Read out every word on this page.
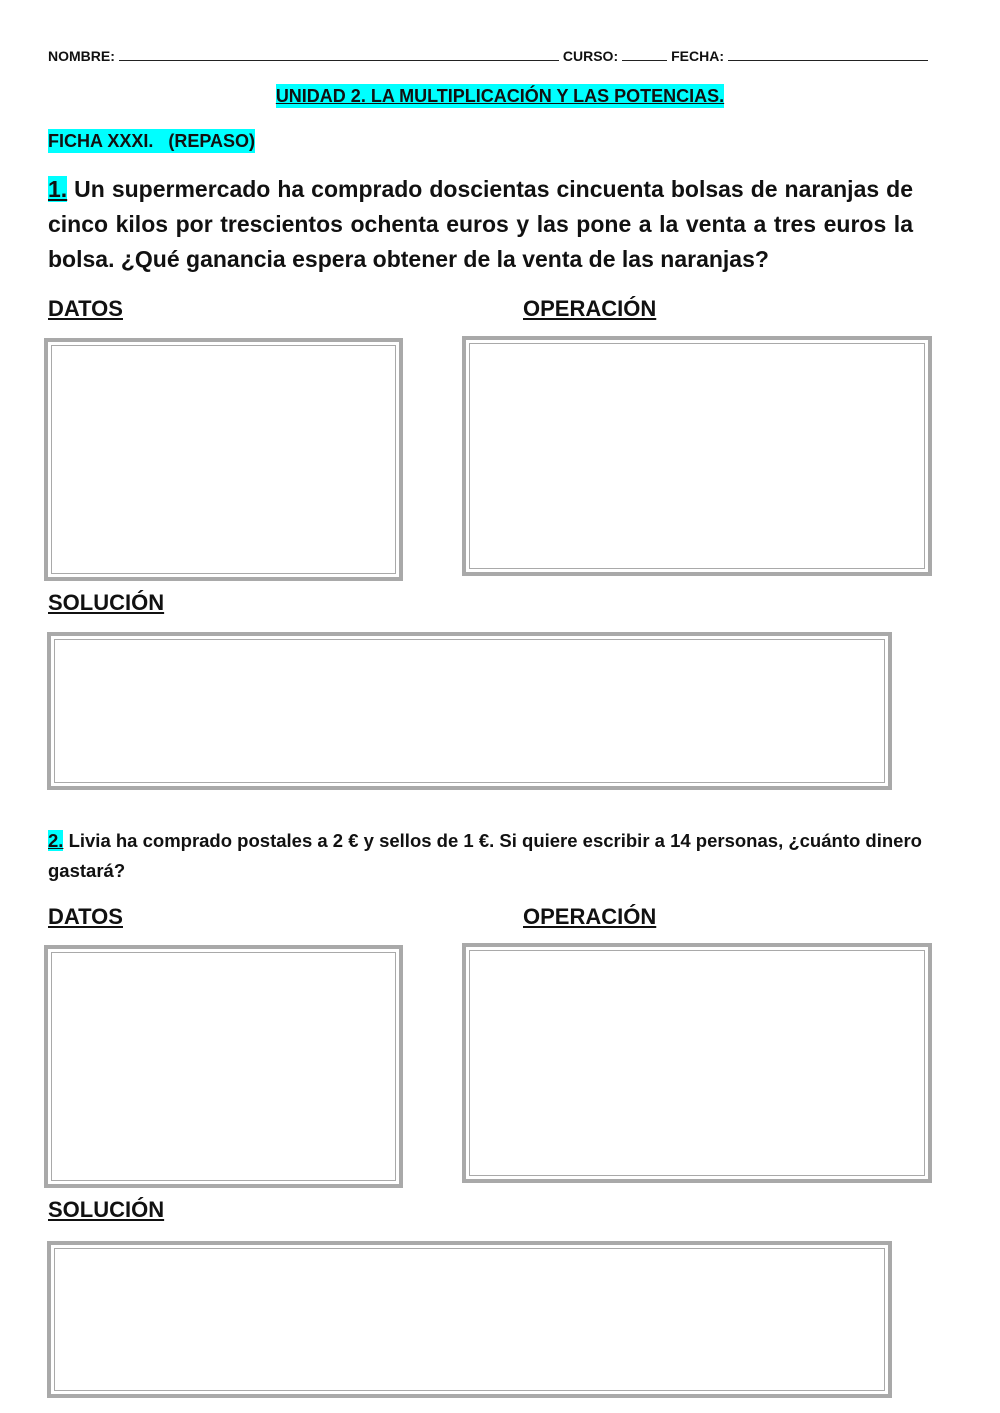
NOMBRE:	CURSO:	FECHA:
UNIDAD 2. LA MULTIPLICACIÓN Y LAS POTENCIAS.
FICHA XXXI.   (REPASO)
1. Un supermercado ha comprado doscientas cincuenta bolsas de naranjas de cinco kilos por trescientos ochenta euros y las pone a la venta a tres euros la bolsa. ¿Qué ganancia espera obtener de la venta de las naranjas?
DATOS	OPERACIÓN
SOLUCIÓN
2. Livia ha comprado postales a 2 € y sellos de 1 €. Si quiere escribir a 14 personas, ¿cuánto dinero gastará?
DATOS	OPERACIÓN
SOLUCIÓN
